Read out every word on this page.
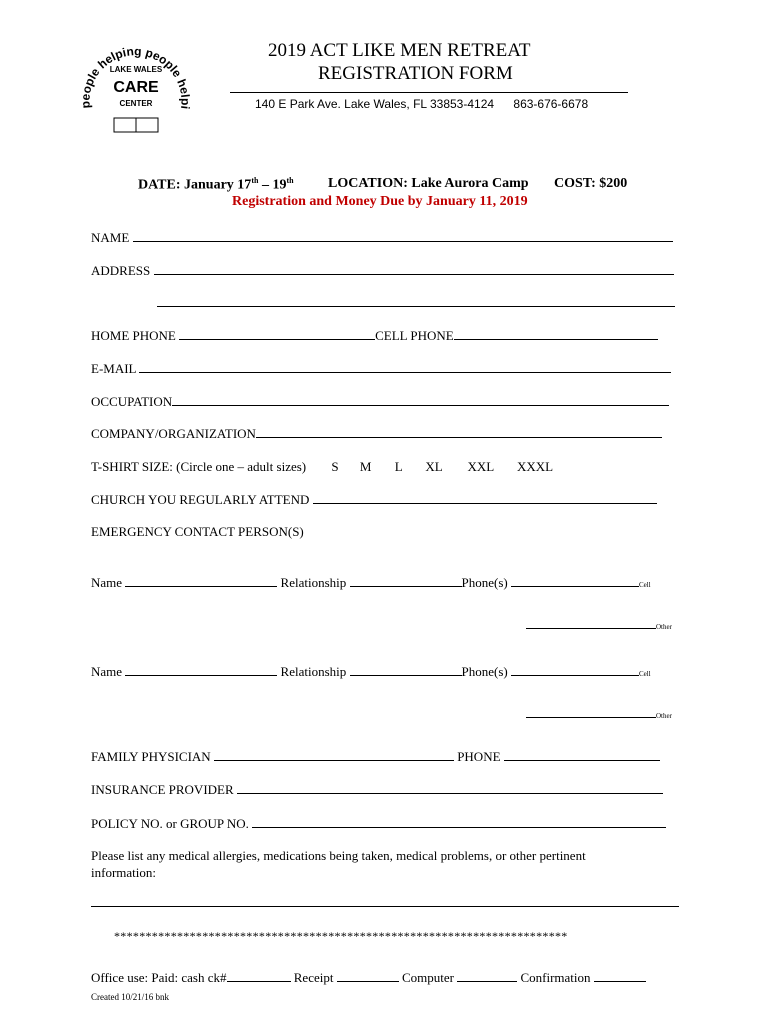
people helping people helpi
LAKE WALES
CARE
CENTER
2019 ACT LIKE MEN RETREAT
REGISTRATION FORM
140 E Park Ave. Lake Wales, FL 33853-4124 863-676-6678
DATE: January 17th – 19th LOCATION: Lake Aurora Camp COST: $200
Registration and Money Due by January 11, 2019
NAME
ADDRESS
HOME PHONE	CELL PHONE
E-MAIL
OCCUPATION
COMPANY/ORGANIZATION
T-SHIRT SIZE: (Circle one – adult sizes) S M L XL XXL XXXL
CHURCH YOU REGULARLY ATTEND
EMERGENCY CONTACT PERSON(S)
Name	Relationship	Phone(s)	Cell
Other
Name	Relationship	Phone(s)	Cell
Other
FAMILY PHYSICIAN	PHONE
INSURANCE PROVIDER
POLICY NO. or GROUP NO.
Please list any medical allergies, medications being taken, medical problems, or other pertinent
information:
************************************************************************
Office use: Paid: cash ck#	Receipt	Computer	Confirmation
Created 10/21/16 bnk
